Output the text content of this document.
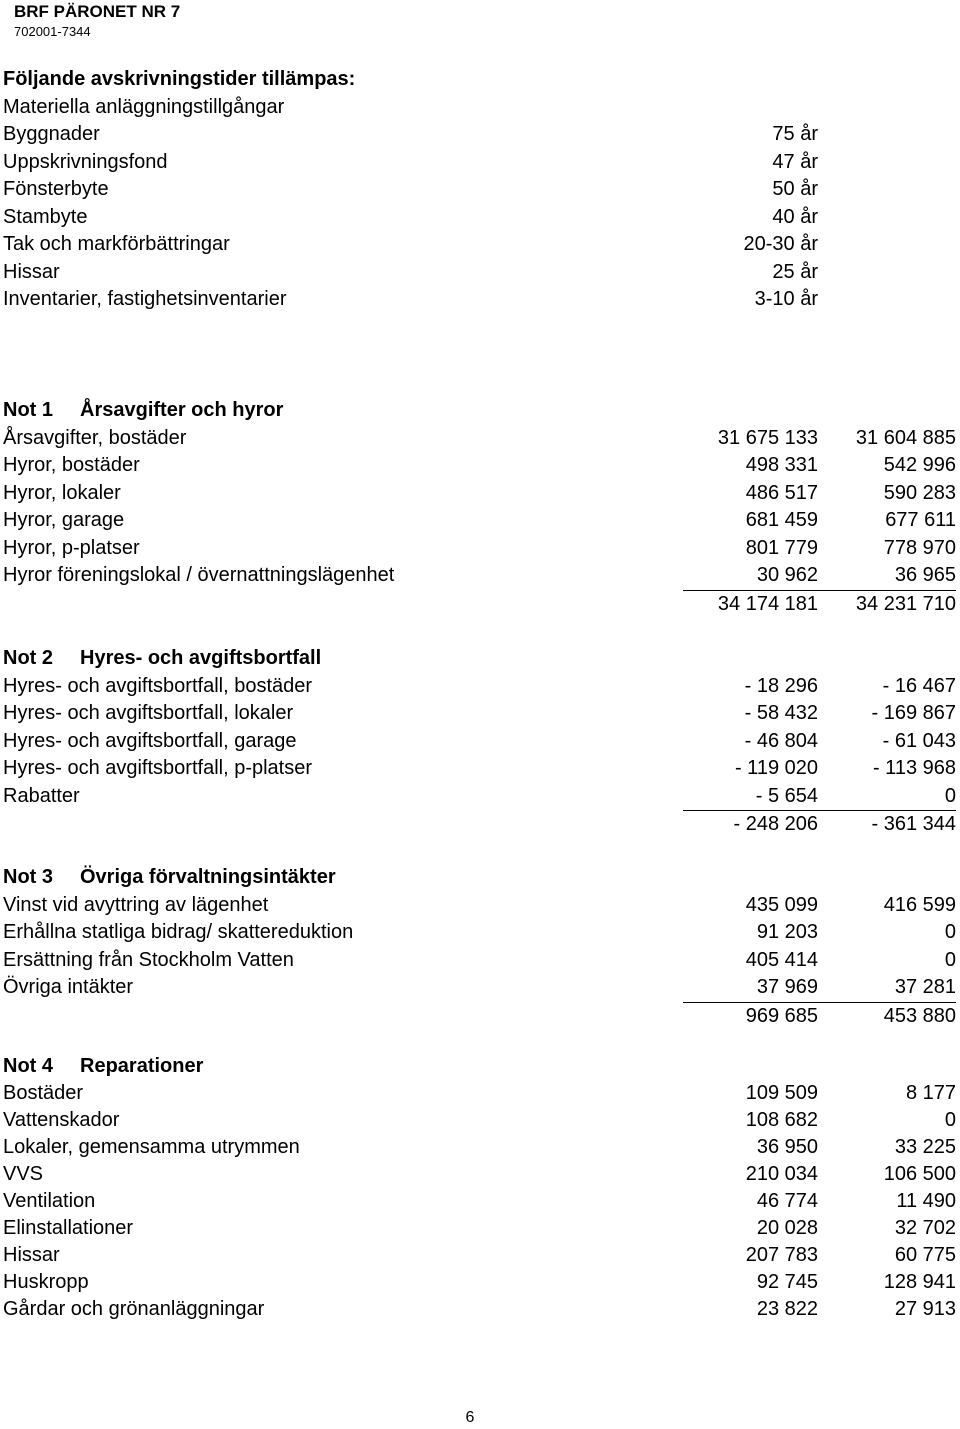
BRF PÄRONET NR 7
702001-7344
Följande avskrivningstider tillämpas:
Materiella anläggningstillgångar
Byggnader	75 år
Uppskrivningsfond	47 år
Fönsterbyte	50 år
Stambyte	40 år
Tak och markförbättringar	20-30 år
Hissar	25 år
Inventarier, fastighetsinventarier	3-10 år
Not 1 Årsavgifter och hyror
Årsavgifter, bostäder	31 675 133	31 604 885
Hyror, bostäder	498 331	542 996
Hyror, lokaler	486 517	590 283
Hyror, garage	681 459	677 611
Hyror, p-platser	801 779	778 970
Hyror föreningslokal / övernattningslägenhet	30 962	36 965
34 174 181	34 231 710
Not 2 Hyres- och avgiftsbortfall
Hyres- och avgiftsbortfall, bostäder	- 18 296	- 16 467
Hyres- och avgiftsbortfall, lokaler	- 58 432	- 169 867
Hyres- och avgiftsbortfall, garage	- 46 804	- 61 043
Hyres- och avgiftsbortfall, p-platser	- 119 020	- 113 968
Rabatter	- 5 654	0
- 248 206	- 361 344
Not 3 Övriga förvaltningsintäkter
Vinst vid avyttring av lägenhet	435 099	416 599
Erhållna statliga bidrag/ skattereduktion	91 203	0
Ersättning från Stockholm Vatten	405 414	0
Övriga intäkter	37 969	37 281
969 685	453 880
Not 4 Reparationer
Bostäder	109 509	8 177
Vattenskador	108 682	0
Lokaler, gemensamma utrymmen	36 950	33 225
VVS	210 034	106 500
Ventilation	46 774	11 490
Elinstallationer	20 028	32 702
Hissar	207 783	60 775
Huskropp	92 745	128 941
Gårdar och grönanläggningar	23 822	27 913
6
